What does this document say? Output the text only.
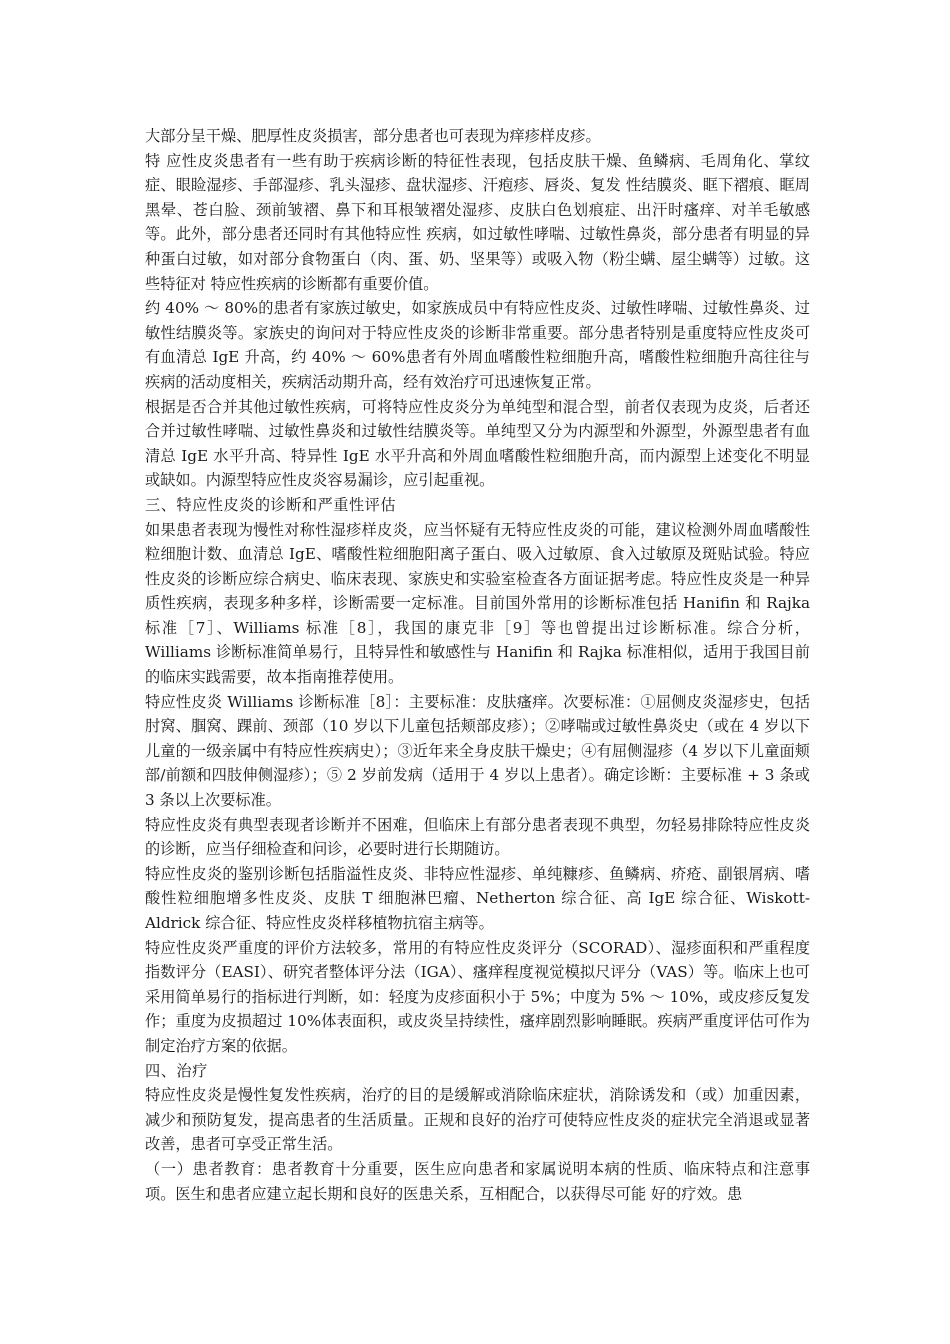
大部分呈干燥、肥厚性皮炎损害，部分患者也可表现为痒疹样皮疹。

特 应性皮炎患者有一些有助于疾病诊断的特征性表现，包括皮肤干燥、鱼鳞病、毛周角化、掌纹症、眼睑湿疹、手部湿疹、乳头湿疹、盘状湿疹、汗疱疹、唇炎、复发 性结膜炎、眶下褶痕、眶周黑晕、苍白脸、颈前皱褶、鼻下和耳根皱褶处湿疹、皮肤白色划痕症、出汗时瘙痒、对羊毛敏感等。此外，部分患者还同时有其他特应性 疾病，如过敏性哮喘、过敏性鼻炎，部分患者有明显的异种蛋白过敏，如对部分食物蛋白（肉、蛋、奶、坚果等）或吸入物（粉尘螨、屋尘螨等）过敏。这些特征对 特应性疾病的诊断都有重要价值。

约 40% ～ 80%的患者有家族过敏史，如家族成员中有特应性皮炎、过敏性哮喘、过敏性鼻炎、过敏性结膜炎等。家族史的询问对于特应性皮炎的诊断非常重要。部分患者特别是重度特应性皮炎可有血清总 IgE 升高，约 40% ～ 60%患者有外周血嗜酸性粒细胞升高，嗜酸性粒细胞升高往往与疾病的活动度相关，疾病活动期升高，经有效治疗可迅速恢复正常。

根据是否合并其他过敏性疾病，可将特应性皮炎分为单纯型和混合型，前者仅表现为皮炎，后者还合并过敏性哮喘、过敏性鼻炎和过敏性结膜炎等。单纯型又分为内源型和外源型，外源型患者有血清总 IgE 水平升高、特异性 IgE 水平升高和外周血嗜酸性粒细胞升高，而内源型上述变化不明显或缺如。内源型特应性皮炎容易漏诊，应引起重视。

三、特应性皮炎的诊断和严重性评估

如果患者表现为慢性对称性湿疹样皮炎，应当怀疑有无特应性皮炎的可能，建议检测外周血嗜酸性粒细胞计数、血清总 IgE、嗜酸性粒细胞阳离子蛋白、吸入过敏原、食入过敏原及斑贴试验。特应性皮炎的诊断应综合病史、临床表现、家族史和实验室检查各方面证据考虑。特应性皮炎是一种异质性疾病，表现多种多样，诊断需要一定标准。目前国外常用的诊断标准包括 Hanifin 和 Rajka 标准［7］、Williams 标准［8］，我国的康克非［9］等也曾提出过诊断标准。综合分析，Williams 诊断标准简单易行，且特异性和敏感性与 Hanifin 和 Rajka 标准相似，适用于我国目前的临床实践需要，故本指南推荐使用。

特应性皮炎 Williams 诊断标准［8］：主要标准：皮肤瘙痒。次要标准：①屈侧皮炎湿疹史，包括肘窝、腘窝、踝前、颈部（10 岁以下儿童包括颊部皮疹）；②哮喘或过敏性鼻炎史（或在 4 岁以下儿童的一级亲属中有特应性疾病史）；③近年来全身皮肤干燥史；④有屈侧湿疹（4 岁以下儿童面颊部/前额和四肢伸侧湿疹）；⑤ 2 岁前发病（适用于 4 岁以上患者）。确定诊断：主要标准 + 3 条或 3 条以上次要标准。

特应性皮炎有典型表现者诊断并不困难，但临床上有部分患者表现不典型，勿轻易排除特应性皮炎的诊断，应当仔细检查和问诊，必要时进行长期随访。

特应性皮炎的鉴别诊断包括脂溢性皮炎、非特应性湿疹、单纯糠疹、鱼鳞病、疥疮、副银屑病、嗜酸性粒细胞增多性皮炎、皮肤 T 细胞淋巴瘤、Netherton 综合征、高 IgE 综合征、Wiskott-Aldrick 综合征、特应性皮炎样移植物抗宿主病等。

特应性皮炎严重度的评价方法较多，常用的有特应性皮炎评分（SCORAD）、湿疹面积和严重程度指数评分（EASI）、研究者整体评分法（IGA）、瘙痒程度视觉模拟尺评分（VAS）等。临床上也可采用简单易行的指标进行判断，如：轻度为皮疹面积小于 5%；中度为 5% ～ 10%，或皮疹反复发作；重度为皮损超过 10%体表面积，或皮炎呈持续性，瘙痒剧烈影响睡眠。疾病严重度评估可作为制定治疗方案的依据。

四、治疗

特应性皮炎是慢性复发性疾病，治疗的目的是缓解或消除临床症状，消除诱发和（或）加重因素，减少和预防复发，提高患者的生活质量。正规和良好的治疗可使特应性皮炎的症状完全消退或显著改善，患者可享受正常生活。

（一）患者教育：患者教育十分重要，医生应向患者和家属说明本病的性质、临床特点和注意事项。医生和患者应建立起长期和良好的医患关系，互相配合，以获得尽可能 好的疗效。患
